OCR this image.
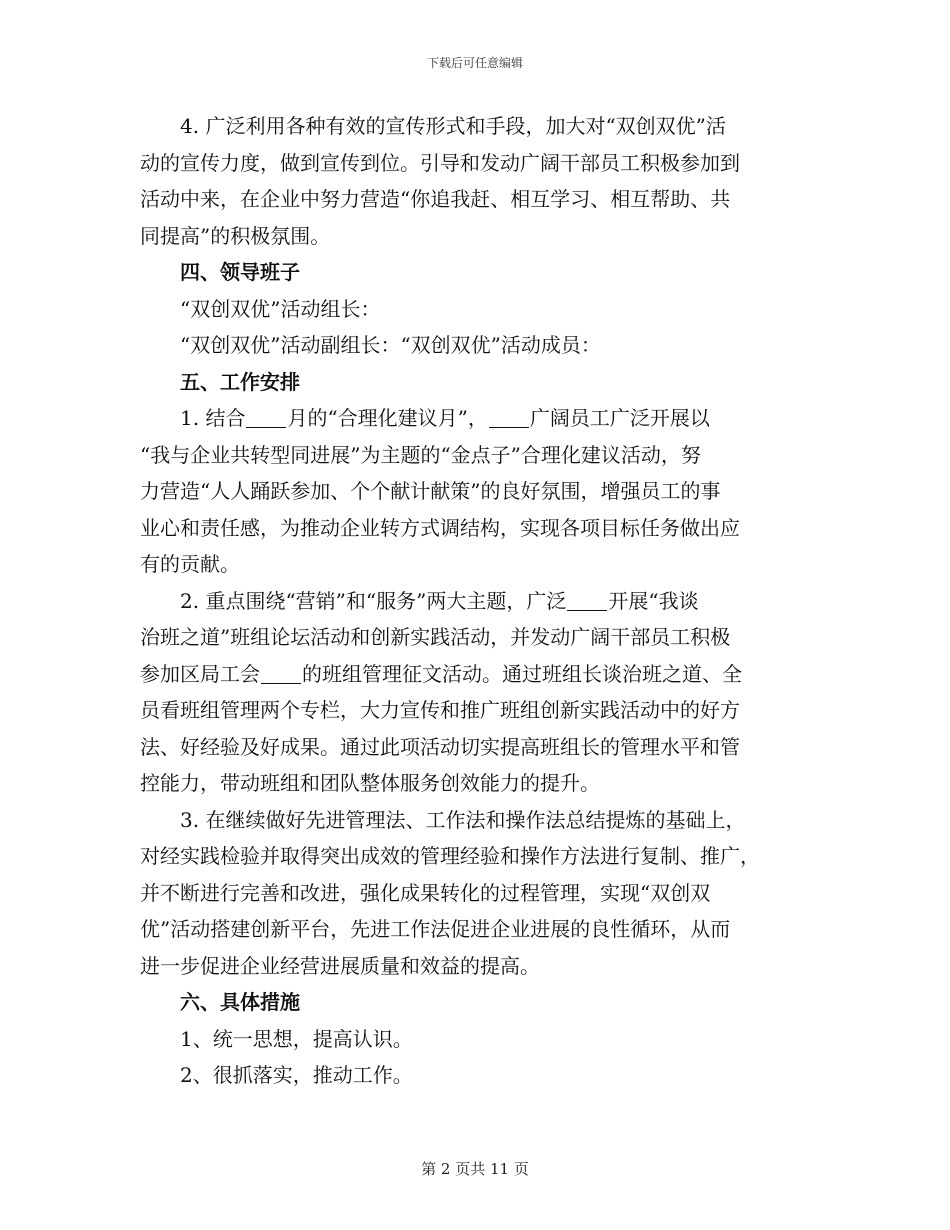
下载后可任意编辑
4. 广泛利用各种有效的宣传形式和手段，加大对“双创双优”活
动的宣传力度，做到宣传到位。引导和发动广阔干部员工积极参加到
活动中来，在企业中努力营造“你追我赶、相互学习、相互帮助、共
同提高”的积极氛围。
四、领导班子
“双创双优”活动组长：
“双创双优”活动副组长：“双创双优”活动成员：
五、工作安排
1. 结合 月的“合理化建议月”， 广阔员工广泛开展以
“我与企业共转型同进展”为主题的“金点子”合理化建议活动，努
力营造“人人踊跃参加、个个献计献策”的良好氛围，增强员工的事
业心和责任感，为推动企业转方式调结构，实现各项目标任务做出应
有的贡献。
2. 重点围绕“营销”和“服务”两大主题，广泛 开展“我谈
治班之道”班组论坛活动和创新实践活动，并发动广阔干部员工积极
参加区局工会 的班组管理征文活动。通过班组长谈治班之道、全
员看班组管理两个专栏，大力宣传和推广班组创新实践活动中的好方
法、好经验及好成果。通过此项活动切实提高班组长的管理水平和管
控能力，带动班组和团队整体服务创效能力的提升。
3. 在继续做好先进管理法、工作法和操作法总结提炼的基础上，
对经实践检验并取得突出成效的管理经验和操作方法进行复制、推广，
并不断进行完善和改进，强化成果转化的过程管理，实现“双创双
优”活动搭建创新平台，先进工作法促进企业进展的良性循环，从而
进一步促进企业经营进展质量和效益的提高。
六、具体措施
1、统一思想，提高认识。
2、很抓落实，推动工作。
第 2 页共 11 页
